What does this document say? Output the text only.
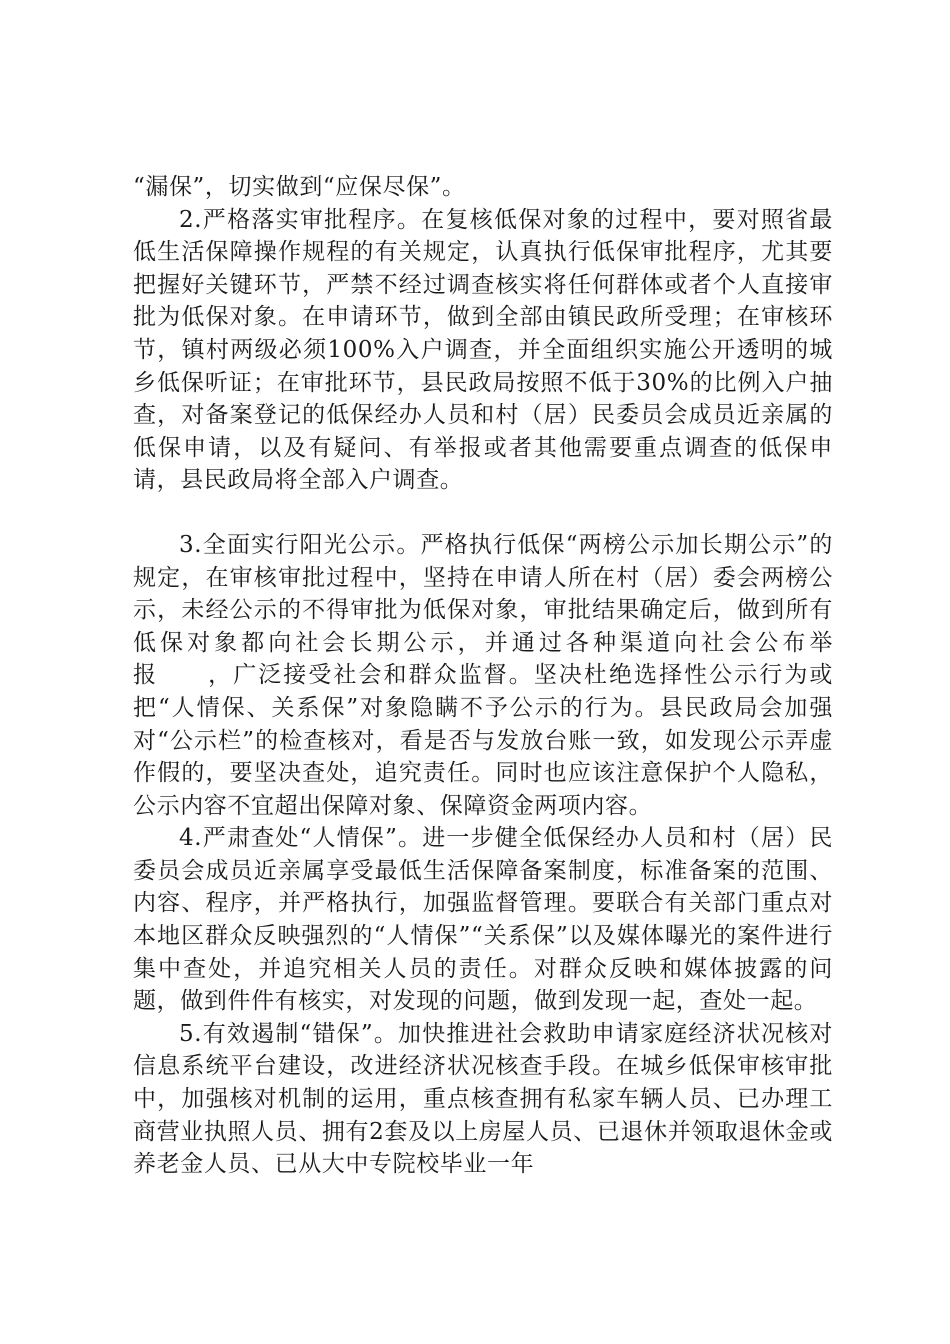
“漏保”，切实做到“应保尽保”。

2.严格落实审批程序。在复核低保对象的过程中，要对照省最低生活保障操作规程的有关规定，认真执行低保审批程序，尤其要把握好关键环节，严禁不经过调查核实将任何群体或者个人直接审批为低保对象。在申请环节，做到全部由镇民政所受理；在审核环节，镇村两级必须100%入户调查，并全面组织实施公开透明的城乡低保听证；在审批环节，县民政局按照不低于30%的比例入户抽查，对备案登记的低保经办人员和村（居）民委员会成员近亲属的低保申请，以及有疑问、有举报或者其他需要重点调查的低保申请，县民政局将全部入户调查。

3.全面实行阳光公示。严格执行低保“两榜公示加长期公示”的规定，在审核审批过程中，坚持在申请人所在村（居）委会两榜公示，未经公示的不得审批为低保对象，审批结果确定后，做到所有低保对象都向社会长期公示，并通过各种渠道向社会公布举报　　，广泛接受社会和群众监督。坚决杜绝选择性公示行为或把“人情保、关系保”对象隐瞒不予公示的行为。县民政局会加强对“公示栏”的检查核对，看是否与发放台账一致，如发现公示弄虚作假的，要坚决查处，追究责任。同时也应该注意保护个人隐私，公示内容不宜超出保障对象、保障资金两项内容。

4.严肃查处“人情保”。进一步健全低保经办人员和村（居）民委员会成员近亲属享受最低生活保障备案制度，标准备案的范围、内容、程序，并严格执行，加强监督管理。要联合有关部门重点对本地区群众反映强烈的“人情保”“关系保”以及媒体曝光的案件进行集中查处，并追究相关人员的责任。对群众反映和媒体披露的问题，做到件件有核实，对发现的问题，做到发现一起，查处一起。

5.有效遏制“错保”。加快推进社会救助申请家庭经济状况核对信息系统平台建设，改进经济状况核查手段。在城乡低保审核审批中，加强核对机制的运用，重点核查拥有私家车辆人员、已办理工商营业执照人员、拥有2套及以上房屋人员、已退休并领取退休金或养老金人员、已从大中专院校毕业一年
